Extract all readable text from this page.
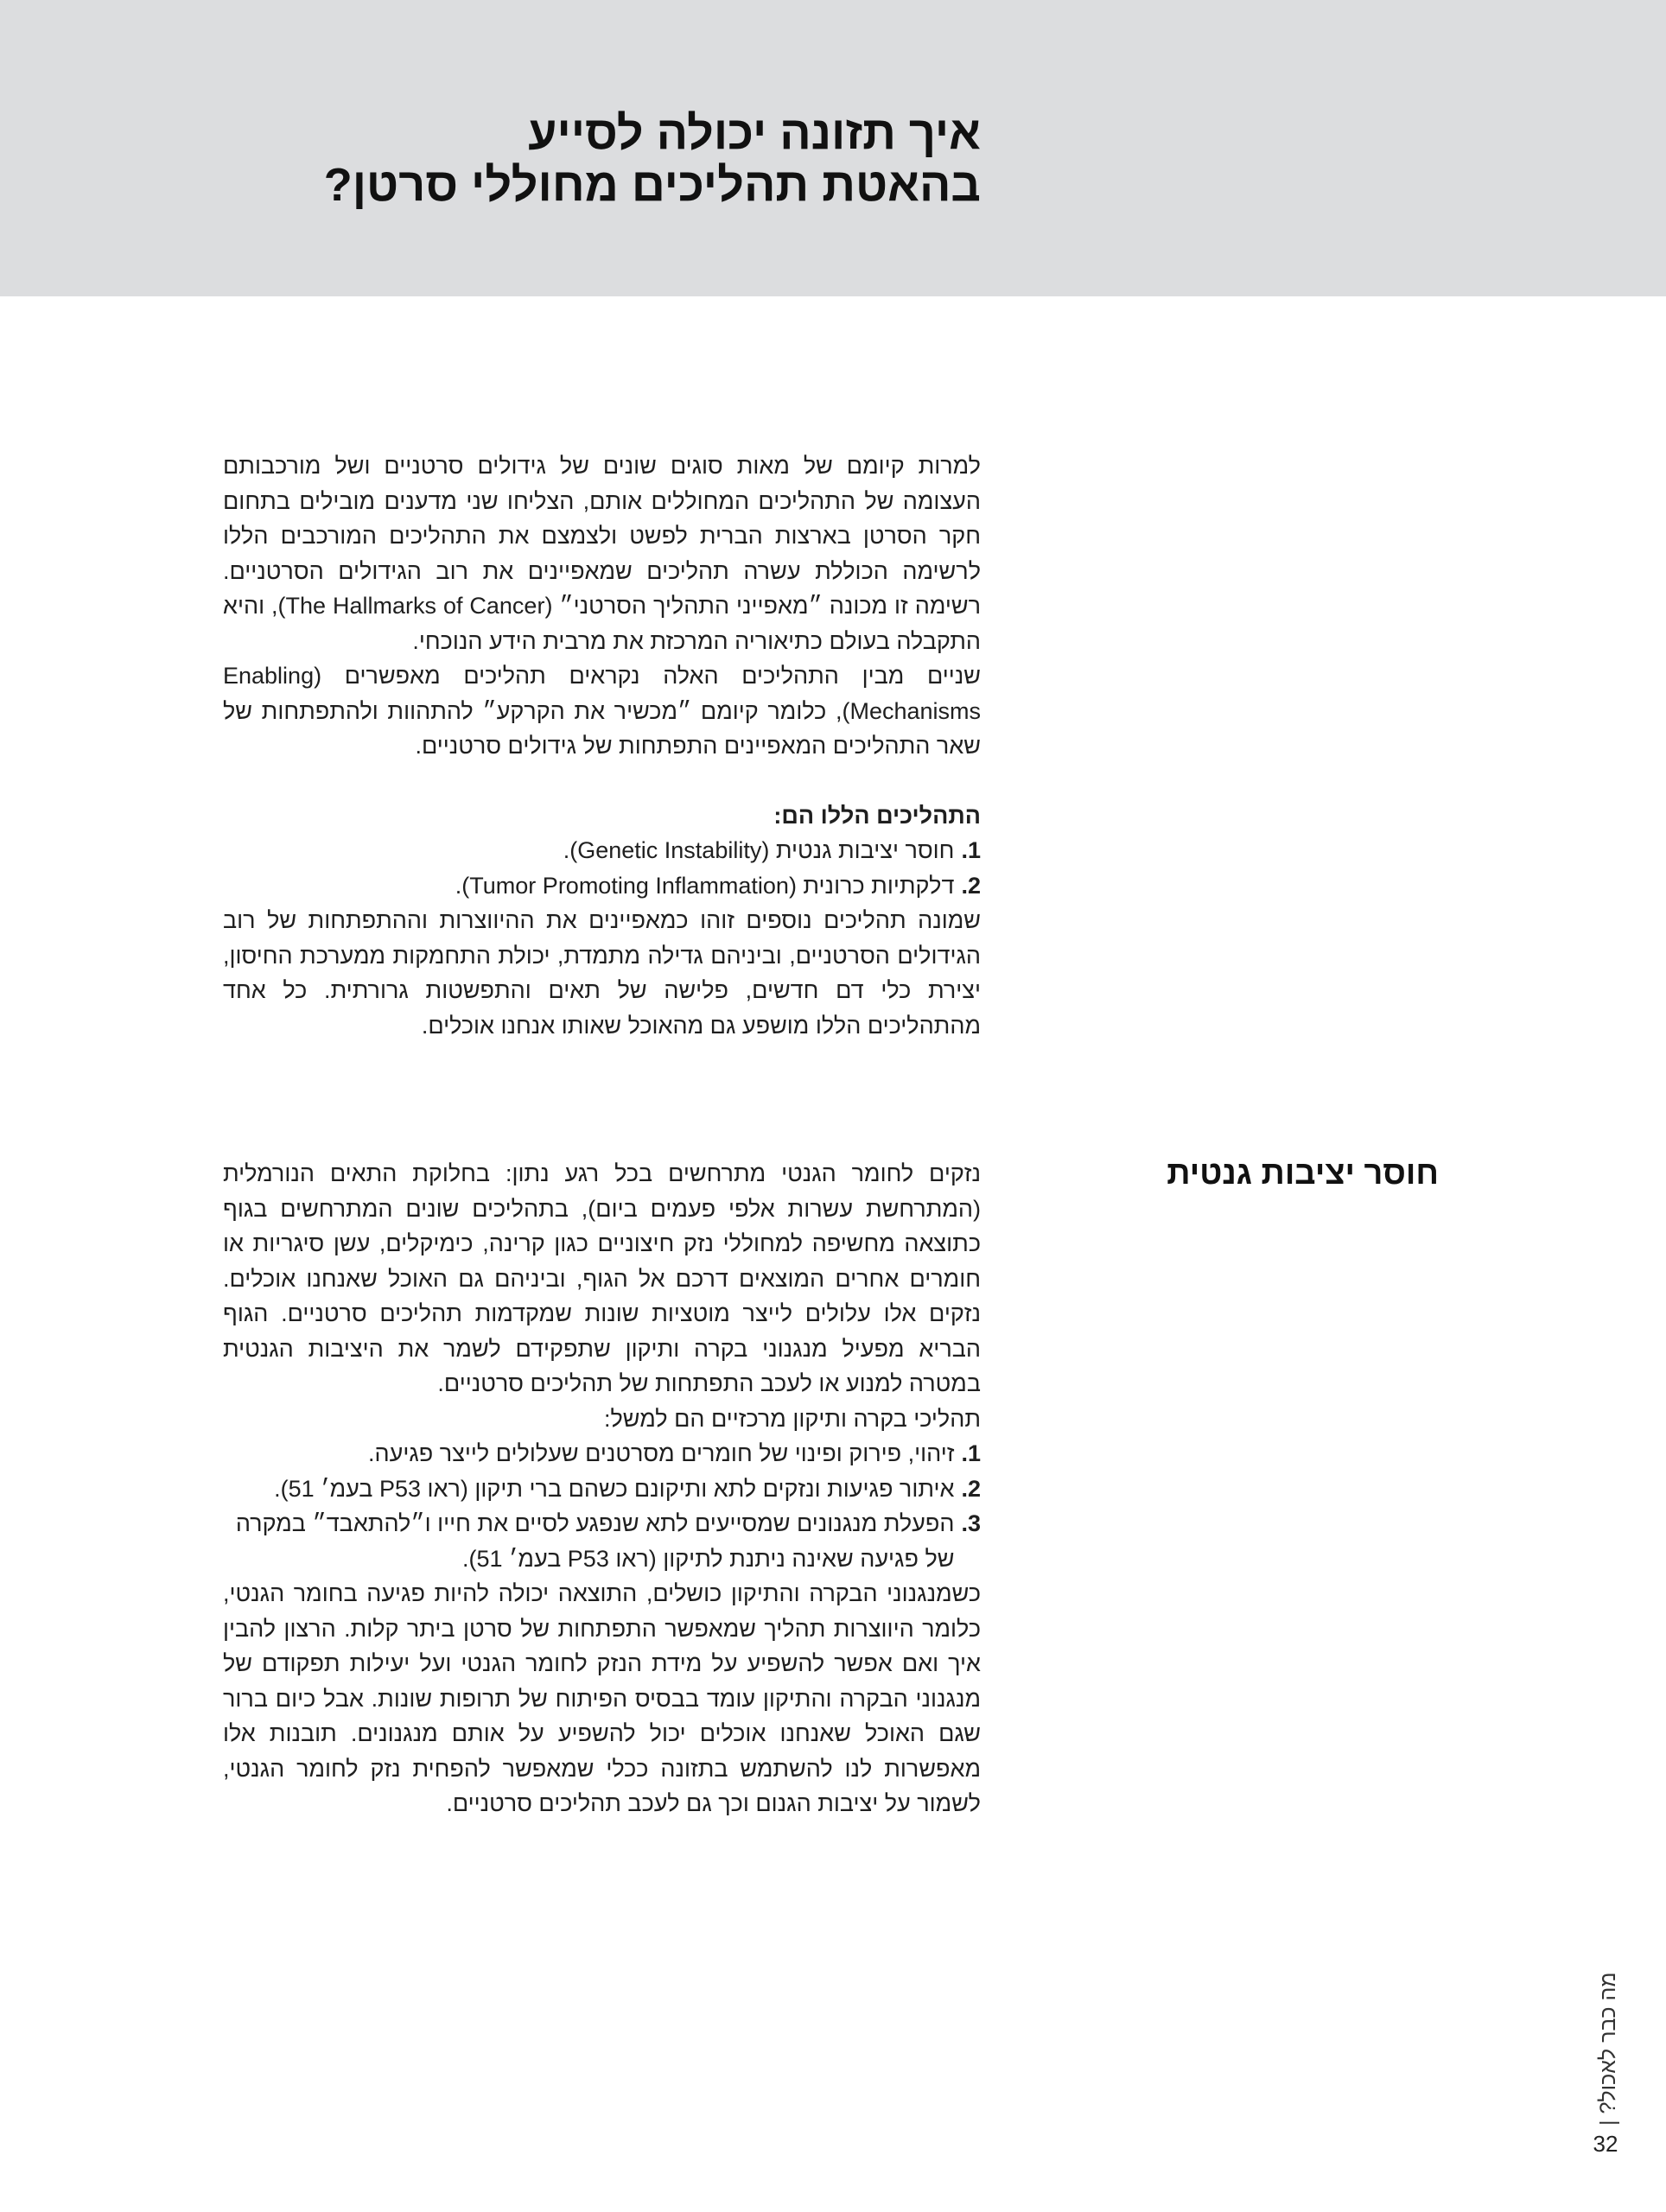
איך תזונה יכולה לסייע
בהאטת תהליכים מחוללי סרטן?

למרות קיומם של מאות סוגים שונים של גידולים סרטניים ושל מורכבותם העצומה של התהליכים המחוללים אותם, הצליחו שני מדענים מובילים בתחום חקר הסרטן בארצות הברית לפשט ולצמצם את התהליכים המורכבים הללו לרשימה הכוללת עשרה תהליכים שמאפיינים את רוב הגידולים הסרטניים. רשימה זו מכונה ״מאפייני התהליך הסרטני״ (The Hallmarks of Cancer), והיא התקבלה בעולם כתיאוריה המרכזת את מרבית הידע הנוכחי.

שניים מבין התהליכים האלה נקראים תהליכים מאפשרים (Enabling Mechanisms), כלומר קיומם ״מכשיר את הקרקע״ להתהוות ולהתפתחות של שאר התהליכים המאפיינים התפתחות של גידולים סרטניים.

התהליכים הללו הם:

1.
חוסר יציבות גנטית (Genetic Instability).
2.
דלקתיות כרונית (Tumor Promoting Inflammation).

שמונה תהליכים נוספים זוהו כמאפיינים את ההיווצרות וההתפתחות של רוב הגידולים הסרטניים, וביניהם גדילה מתמדת, יכולת התחמקות ממערכת החיסון, יצירת כלי דם חדשים, פלישה של תאים והתפשטות גרורתית. כל אחד מהתהליכים הללו מושפע גם מהאוכל שאותו אנחנו אוכלים.

חוסר יציבות גנטית

נזקים לחומר הגנטי מתרחשים בכל רגע נתון: בחלוקת התאים הנורמלית (המתרחשת עשרות אלפי פעמים ביום), בתהליכים שונים המתרחשים בגוף כתוצאה מחשיפה למחוללי נזק חיצוניים כגון קרינה, כימיקלים, עשן סיגריות או חומרים אחרים המוצאים דרכם אל הגוף, וביניהם גם האוכל שאנחנו אוכלים. נזקים אלו עלולים לייצר מוטציות שונות שמקדמות תהליכים סרטניים. הגוף הבריא מפעיל מנגנוני בקרה ותיקון שתפקידם לשמר את היציבות הגנטית במטרה למנוע או לעכב התפתחות של תהליכים סרטניים.

תהליכי בקרה ותיקון מרכזיים הם למשל:

1.
זיהוי, פירוק ופינוי של חומרים מסרטנים שעלולים לייצר פגיעה.
2.
איתור פגיעות ונזקים לתא ותיקונם כשהם ברי תיקון (ראו P53 בעמ׳ 51).
3.
הפעלת מנגנונים שמסייעים לתא שנפגע לסיים את חייו ו״להתאבד״ במקרה של פגיעה שאינה ניתנת לתיקון (ראו P53 בעמ׳ 51).

כשמנגנוני הבקרה והתיקון כושלים, התוצאה יכולה להיות פגיעה בחומר הגנטי, כלומר היווצרות תהליך שמאפשר התפתחות של סרטן ביתר קלות. הרצון להבין איך ואם אפשר להשפיע על מידת הנזק לחומר הגנטי ועל יעילות תפקודם של מנגנוני הבקרה והתיקון עומד בבסיס הפיתוח של תרופות שונות. אבל כיום ברור שגם האוכל שאנחנו אוכלים יכול להשפיע על אותם מנגנונים. תובנות אלו מאפשרות לנו להשתמש בתזונה ככלי שמאפשר להפחית נזק לחומר הגנטי, לשמור על יציבות הגנום וכך גם לעכב תהליכים סרטניים.

מה כבר לאכול? |
32
